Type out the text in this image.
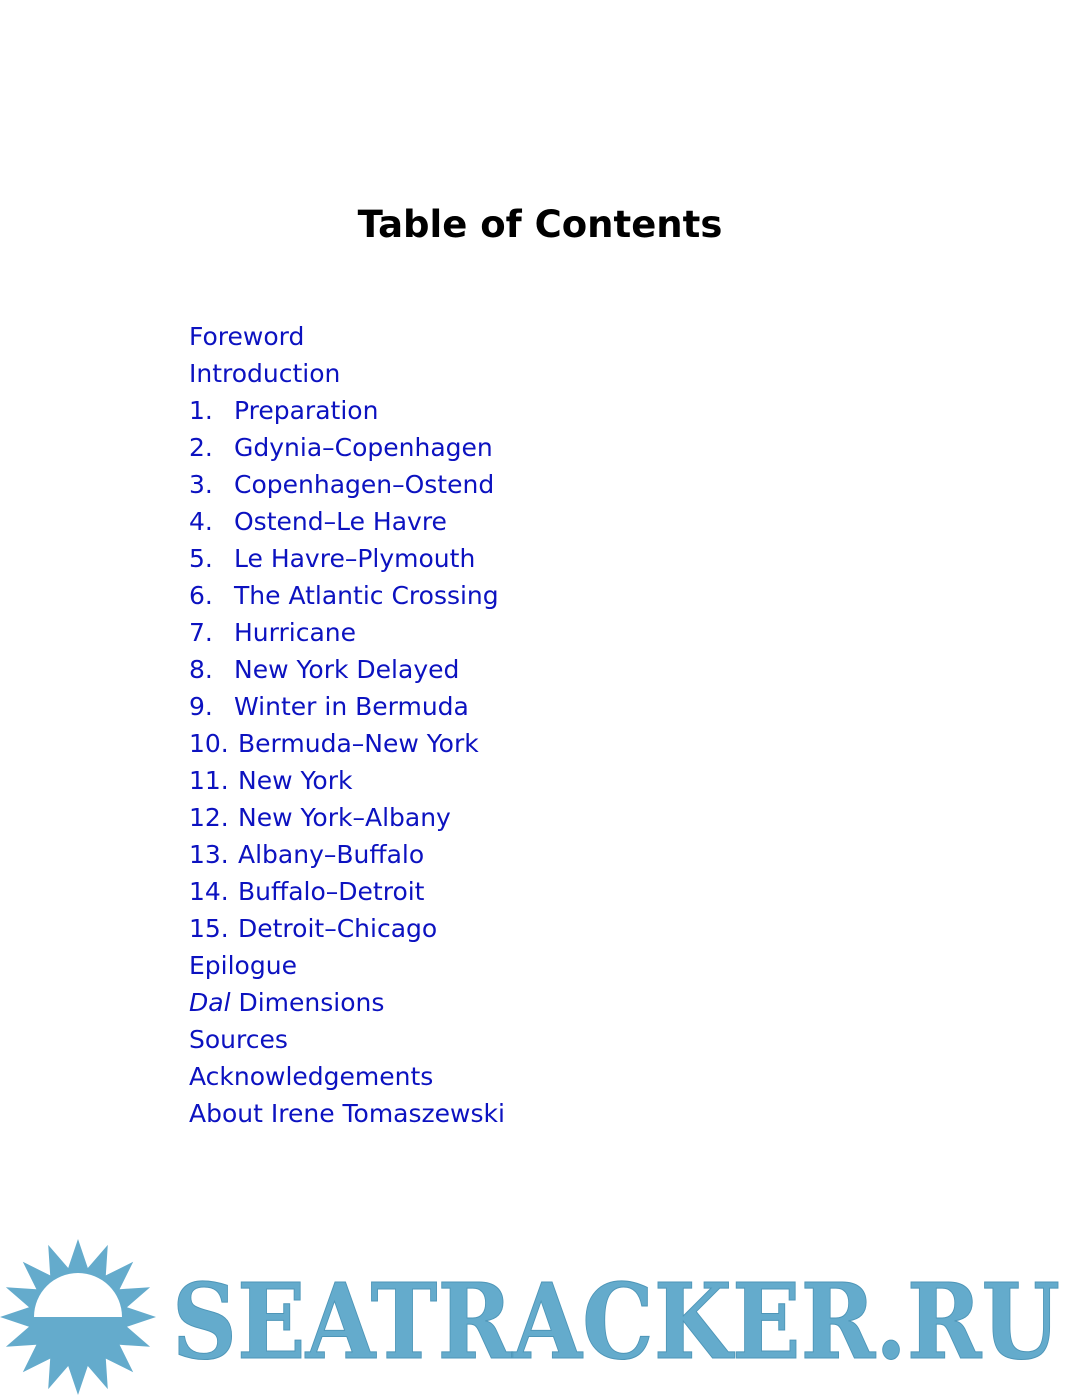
Table of Contents
Foreword
Introduction
1. Preparation
2. Gdynia–Copenhagen
3. Copenhagen–Ostend
4. Ostend–Le Havre
5. Le Havre–Plymouth
6. The Atlantic Crossing
7. Hurricane
8. New York Delayed
9. Winter in Bermuda
10. Bermuda–New York
11. New York
12. New York–Albany
13. Albany–Buffalo
14. Buffalo–Detroit
15. Detroit–Chicago
Epilogue
Dal Dimensions
Sources
Acknowledgements
About Irene Tomaszewski
SEATRACKER.RU
